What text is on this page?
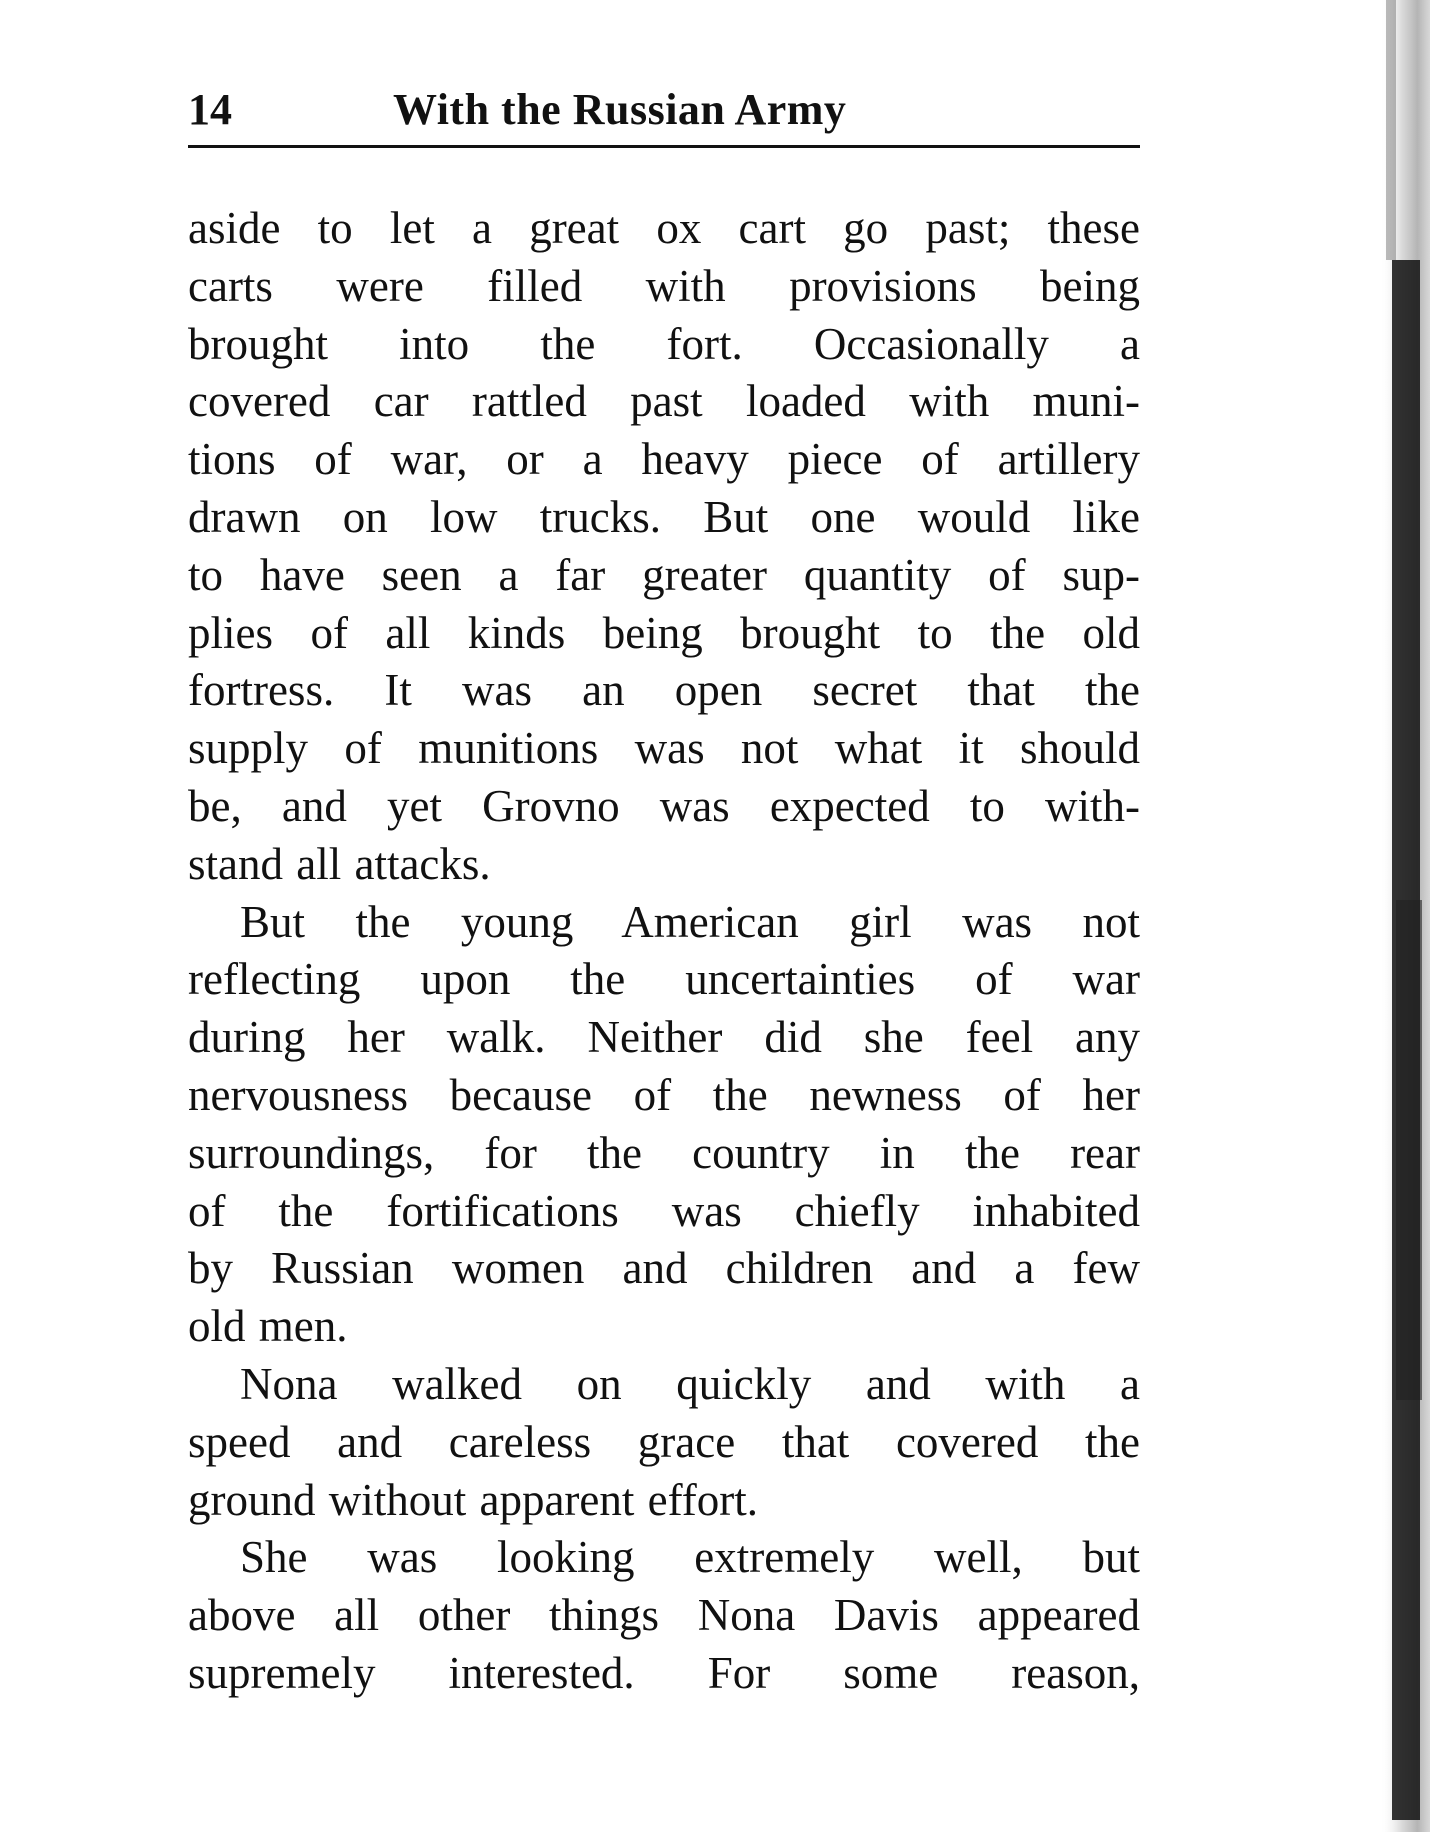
14	With the Russian Army
aside to let a great ox cart go past; these
carts were filled with provisions being
brought into the fort. Occasionally a
covered car rattled past loaded with muni-
tions of war, or a heavy piece of artillery
drawn on low trucks. But one would like
to have seen a far greater quantity of sup-
plies of all kinds being brought to the old
fortress. It was an open secret that the
supply of munitions was not what it should
be, and yet Grovno was expected to with-
stand all attacks.
But the young American girl was not
reflecting upon the uncertainties of war
during her walk. Neither did she feel any
nervousness because of the newness of her
surroundings, for the country in the rear
of the fortifications was chiefly inhabited
by Russian women and children and a few
old men.
Nona walked on quickly and with a
speed and careless grace that covered the
ground without apparent effort.
She was looking extremely well, but
above all other things Nona Davis appeared
supremely interested. For some reason,
